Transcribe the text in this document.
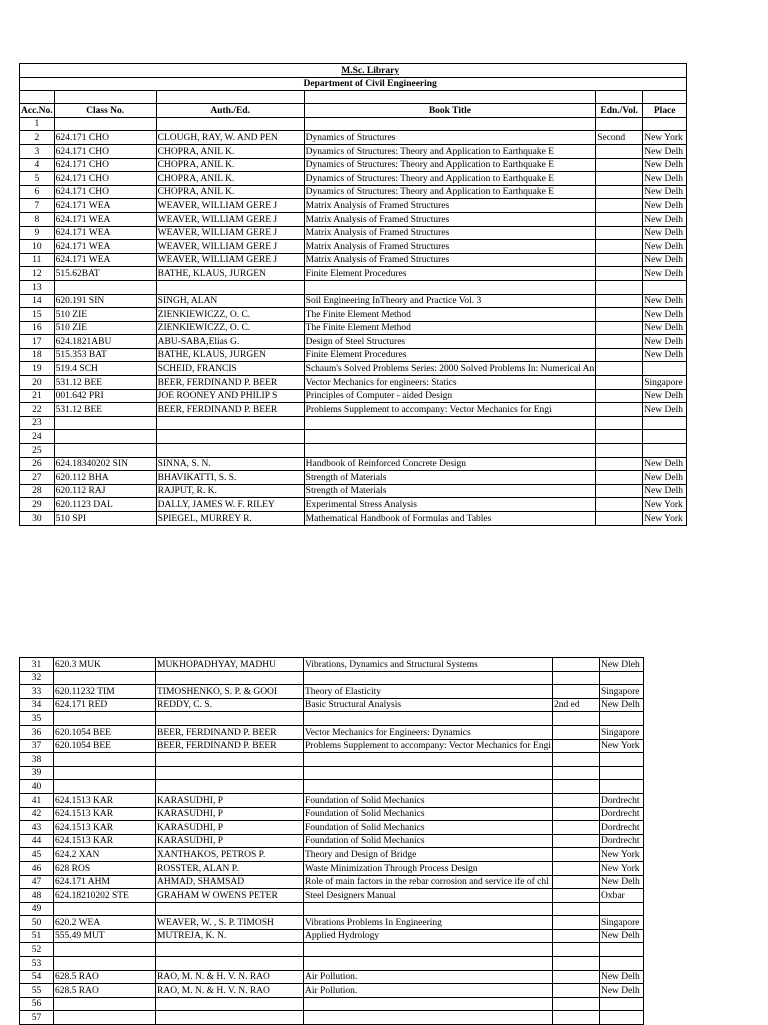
	M.Sc. Library				
	Department of Civil Engineering				

Acc.No.	Class No.	Auth./Ed.	Book Title	Edn./Vol.	Place
1					
2	624.171 CHO	CLOUGH, RAY, W. AND PEN	Dynamics of Structures	Second	New York
3	624.171 CHO	CHOPRA, ANIL K.	Dynamics of Structures: Theory and Application to Earthquake E		New Delh
4	624.171 CHO	CHOPRA, ANIL K.	Dynamics of Structures: Theory and Application to Earthquake E		New Delh
5	624.171 CHO	CHOPRA, ANIL K.	Dynamics of Structures: Theory and Application to Earthquake E		New Delh
6	624.171 CHO	CHOPRA, ANIL K.	Dynamics of Structures: Theory and Application to Earthquake E		New Delh
7	624.171 WEA	WEAVER, WILLIAM GERE J	Matrix Analysis of Framed Structures		New Delh
8	624.171 WEA	WEAVER, WILLIAM GERE J	Matrix Analysis of Framed Structures		New Delh
9	624.171 WEA	WEAVER, WILLIAM GERE J	Matrix Analysis of Framed Structures		New Delh
10	624.171 WEA	WEAVER, WILLIAM GERE J	Matrix Analysis of Framed Structures		New Delh
11	624.171 WEA	WEAVER, WILLIAM GERE J	Matrix Analysis of Framed Structures		New Delh
12	515.62BAT	BATHE, KLAUS, JURGEN	Finite Element Procedures		New Delh
13					
14	620.191 SIN	SINGH, ALAN	Soil Engineering InTheory and Practice Vol. 3		New Delh
15	510 ZIE	ZIENKIEWICZZ, O. C.	The Finite Element Method		New Delh
16	510 ZIE	ZIENKIEWICZZ, O. C.	The Finite Element Method		New Delh
17	624.1821ABU	ABU-SABA,Elias G.	Design of Steel Structures		New Delh
18	515.353 BAT	BATHE, KLAUS, JURGEN	Finite Element Procedures		New Delh
19	519.4 SCH	SCHEID, FRANCIS	Schaum's Solved Problems Series: 2000 Solved Problems In: Numerical An		
20	531.12 BEE	BEER, FERDINAND P. BEER	Vector Mechanics for engineers: Statics		Singapore
21	001.642 PRI	JOE ROONEY AND PHILIP S	Principles of Computer - aided Design		New Delh
22	531.12 BEE	BEER, FERDINAND P. BEER	Problems Supplement to accompany: Vector Mechanics for Engi		New Delh
23					
24					
25					
26	624.18340202 SIN	SINNA, S. N.	Handbook of Reinforced Concrete Design		New Delh
27	620.112 BHA	BHAVIKATTI, S. S.	Strength of Materials		New Delh
28	620.112 RAJ	RAJPUT, R. K.	Strength of Materials		New Delh
29	620.1123 DAL	DALLY, JAMES W. F. RILEY	Experimental Stress Analysis		New York
30	510 SPI	SPIEGEL, MURREY R.	Mathematical Handbook of Formulas and Tables		New York
31	620.3 MUK	MUKHOPADHYAY, MADHU	Vibrations, Dynamics and Structural Systems		New Dleh
32					
33	620.11232 TIM	TIMOSHENKO, S. P. & GOOI	Theory of Elasticity		Singapore
34	624.171 RED	REDDY, C. S.	Basic Structural Analysis	2nd ed	New Delh
35					
36	620.1054 BEE	BEER, FERDINAND P. BEER	Vector Mechanics for Engineers: Dynamics		Singapore
37	620.1054 BEE	BEER, FERDINAND P. BEER	Problems Supplement to accompany: Vector Mechanics for Engi		New York
38					
39					
40					
41	624.1513 KAR	KARASUDHI, P	Foundation of Solid Mechanics		Dordrecht
42	624.1513 KAR	KARASUDHI, P	Foundation of Solid Mechanics		Dordrecht
43	624.1513 KAR	KARASUDHI, P	Foundation of Solid Mechanics		Dordrecht
44	624.1513 KAR	KARASUDHI, P	Foundation of Solid Mechanics		Dordrecht
45	624.2 XAN	XANTHAKOS, PETROS P.	Theory and Design of Bridge		New York
46	628 ROS	ROSSTER, ALAN P.	Waste Minimization Through Process Design		New York
47	624.171 AHM	AHMAD, SHAMSAD	Role of main factors in the rebar corrosion and service ife of chl		New Delh
48	624.18210202 STE	GRAHAM W OWENS PETER	Steel Designers Manual		Oxbar
49					
50	620.2 WEA	WEAVER, W. , S. P. TIMOSH	Vibrations Problems In Engineering		Singapore
51	555.49 MUT	MUTREJA, K. N.	Applied Hydrology		New Delh
52					
53					
54	628.5 RAO	RAO, M. N. & H. V. N. RAO	Air Pollution.		New Delh
55	628.5 RAO	RAO, M. N. & H. V. N. RAO	Air Pollution.		New Delh
56					
57					
